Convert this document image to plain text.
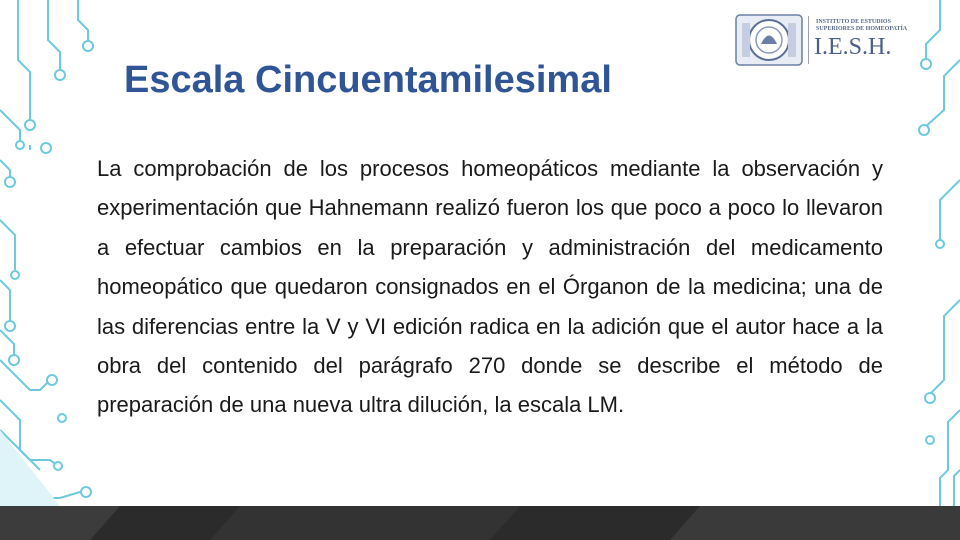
Escala Cincuentamilesimal
INSTITUTO DE ESTUDIOS
SUPERIORES DE HOMEOPATÍA
I.E.S.H.

La comprobación de los procesos homeopáticos mediante la observación y experimentación que Hahnemann realizó fueron los que poco a poco lo llevaron a efectuar cambios en la preparación y administración del medicamento homeopático que quedaron consignados en el Órganon de la medicina; una de las diferencias entre la V y VI edición radica en la adición que el autor hace a la obra del contenido del parágrafo 270 donde se describe el método de preparación de una nueva ultra dilución, la escala LM.
